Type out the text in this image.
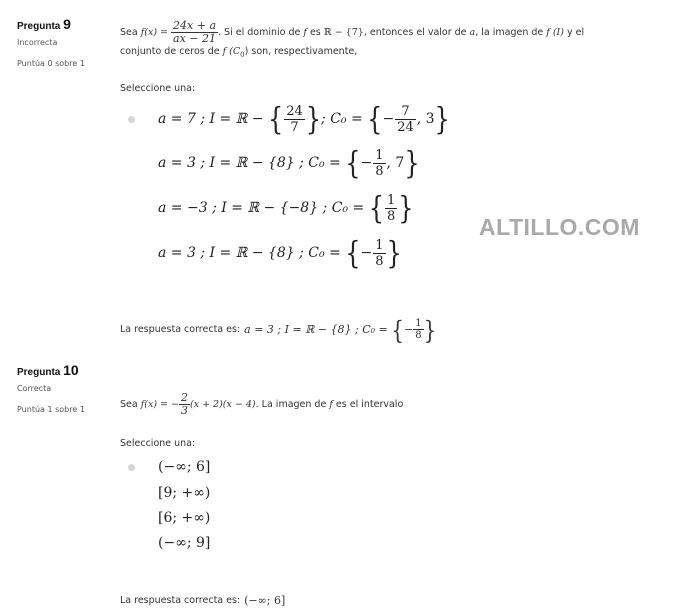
ALTILLO.COM
Pregunta 9
Incorrecta
Puntúa 0 sobre 1
Sea
f(x) =
$\frac{24x + a}{ax - 21}$ . Si el dominio de
f
es
ℝ − {7} , entonces el valor de
a , la imagen de
f (I)
y el
conjunto de ceros de f $(C_0)$ son, respectivamente,
Seleccione una:
a = 7 ; I = ℝ −
{ 24
7 } ; C₀ =
{ − $\frac{7}{24}$ , 3 }
a = 3 ; I = ℝ − {8} ; C₀ =
{ − $\frac{1}{8}$ , 7 }
a = −3 ; I = ℝ − {−8} ; C₀ =
{ 1
8 }
a = 3 ; I = ℝ − {8} ; C₀ =
{ − $\frac{1}{8}$ }
La respuesta correcta es: a = 3 ; I = ℝ − {8} ; C₀ =
{ − $\frac{1}{8}$ }
Pregunta 10
Correcta
Puntúa 1 sobre 1	Sea
f(x) = − $\frac{2}{3} (x + 2)(x - 4)$ . La imagen de
f
es el intervalo
Seleccione una:
(−∞; 6]
[9; +∞)
[6; +∞)
(−∞; 9]
La respuesta correcta es: (−∞; 6]
